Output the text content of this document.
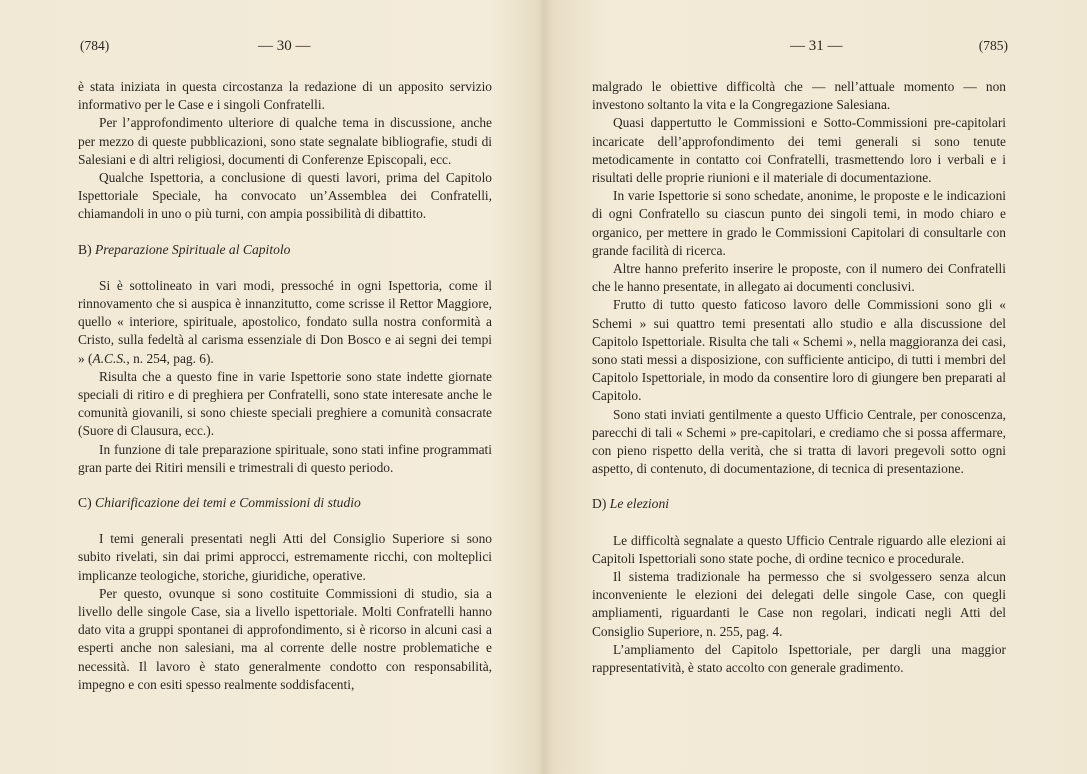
(784)	— 30 —

è stata iniziata in questa circostanza la redazione di un apposito servizio informativo per le Case e i singoli Confratelli.

Per l’approfondimento ulteriore di qualche tema in discussione, anche per mezzo di queste pubblicazioni, sono state segnalate bibliografie, studi di Salesiani e di altri religiosi, documenti di Conferenze Episcopali, ecc.

Qualche Ispettoria, a conclusione di questi lavori, prima del Capitolo Ispettoriale Speciale, ha convocato un’Assemblea dei Confratelli, chiamandoli in uno o più turni, con ampia possibilità di dibattito.

B) Preparazione Spirituale al Capitolo

Si è sottolineato in vari modi, pressoché in ogni Ispettoria, come il rinnovamento che si auspica è innanzitutto, come scrisse il Rettor Maggiore, quello « interiore, spirituale, apostolico, fondato sulla nostra conformità a Cristo, sulla fedeltà al carisma essenziale di Don Bosco e ai segni dei tempi » (A.C.S., n. 254, pag. 6).

Risulta che a questo fine in varie Ispettorie sono state indette giornate speciali di ritiro e di preghiera per Confratelli, sono state interesate anche le comunità giovanili, si sono chieste speciali preghiere a comunità consacrate (Suore di Clausura, ecc.).

In funzione di tale preparazione spirituale, sono stati infine programmati gran parte dei Ritiri mensili e trimestrali di questo periodo.

C) Chiarificazione dei temi e Commissioni di studio

I temi generali presentati negli Atti del Consiglio Superiore si sono subito rivelati, sin dai primi approcci, estremamente ricchi, con molteplici implicanze teologiche, storiche, giuridiche, operative.

Per questo, ovunque si sono costituite Commissioni di studio, sia a livello delle singole Case, sia a livello ispettoriale. Molti Confratelli hanno dato vita a gruppi spontanei di approfondimento, si è ricorso in alcuni casi a esperti anche non salesiani, ma al corrente delle nostre problematiche e necessità. Il lavoro è stato generalmente condotto con responsabilità, impegno e con esiti spesso realmente soddisfacenti,

— 31 —	(785)

malgrado le obiettive difficoltà che — nell’attuale momento — non investono soltanto la vita e la Congregazione Salesiana.

Quasi dappertutto le Commissioni e Sotto-Commissioni pre-capitolari incaricate dell’approfondimento dei temi generali si sono tenute metodicamente in contatto coi Confratelli, trasmettendo loro i verbali e i risultati delle proprie riunioni e il materiale di documentazione.

In varie Ispettorie si sono schedate, anonime, le proposte e le indicazioni di ogni Confratello su ciascun punto dei singoli temi, in modo chiaro e organico, per mettere in grado le Commissioni Capitolari di consultarle con grande facilità di ricerca.

Altre hanno preferito inserire le proposte, con il numero dei Confratelli che le hanno presentate, in allegato ai documenti conclusivi.

Frutto di tutto questo faticoso lavoro delle Commissioni sono gli « Schemi » sui quattro temi presentati allo studio e alla discussione del Capitolo Ispettoriale. Risulta che tali « Schemi », nella maggioranza dei casi, sono stati messi a disposizione, con sufficiente anticipo, di tutti i membri del Capitolo Ispettoriale, in modo da consentire loro di giungere ben preparati al Capitolo.

Sono stati inviati gentilmente a questo Ufficio Centrale, per conoscenza, parecchi di tali « Schemi » pre-capitolari, e crediamo che si possa affermare, con pieno rispetto della verità, che si tratta di lavori pregevoli sotto ogni aspetto, di contenuto, di documentazione, di tecnica di presentazione.

D) Le elezioni

Le difficoltà segnalate a questo Ufficio Centrale riguardo alle elezioni ai Capitoli Ispettoriali sono state poche, di ordine tecnico e procedurale.

Il sistema tradizionale ha permesso che si svolgessero senza alcun inconveniente le elezioni dei delegati delle singole Case, con quegli ampliamenti, riguardanti le Case non regolari, indicati negli Atti del Consiglio Superiore, n. 255, pag. 4.

L’ampliamento del Capitolo Ispettoriale, per dargli una maggior rappresentatività, è stato accolto con generale gradimento.
